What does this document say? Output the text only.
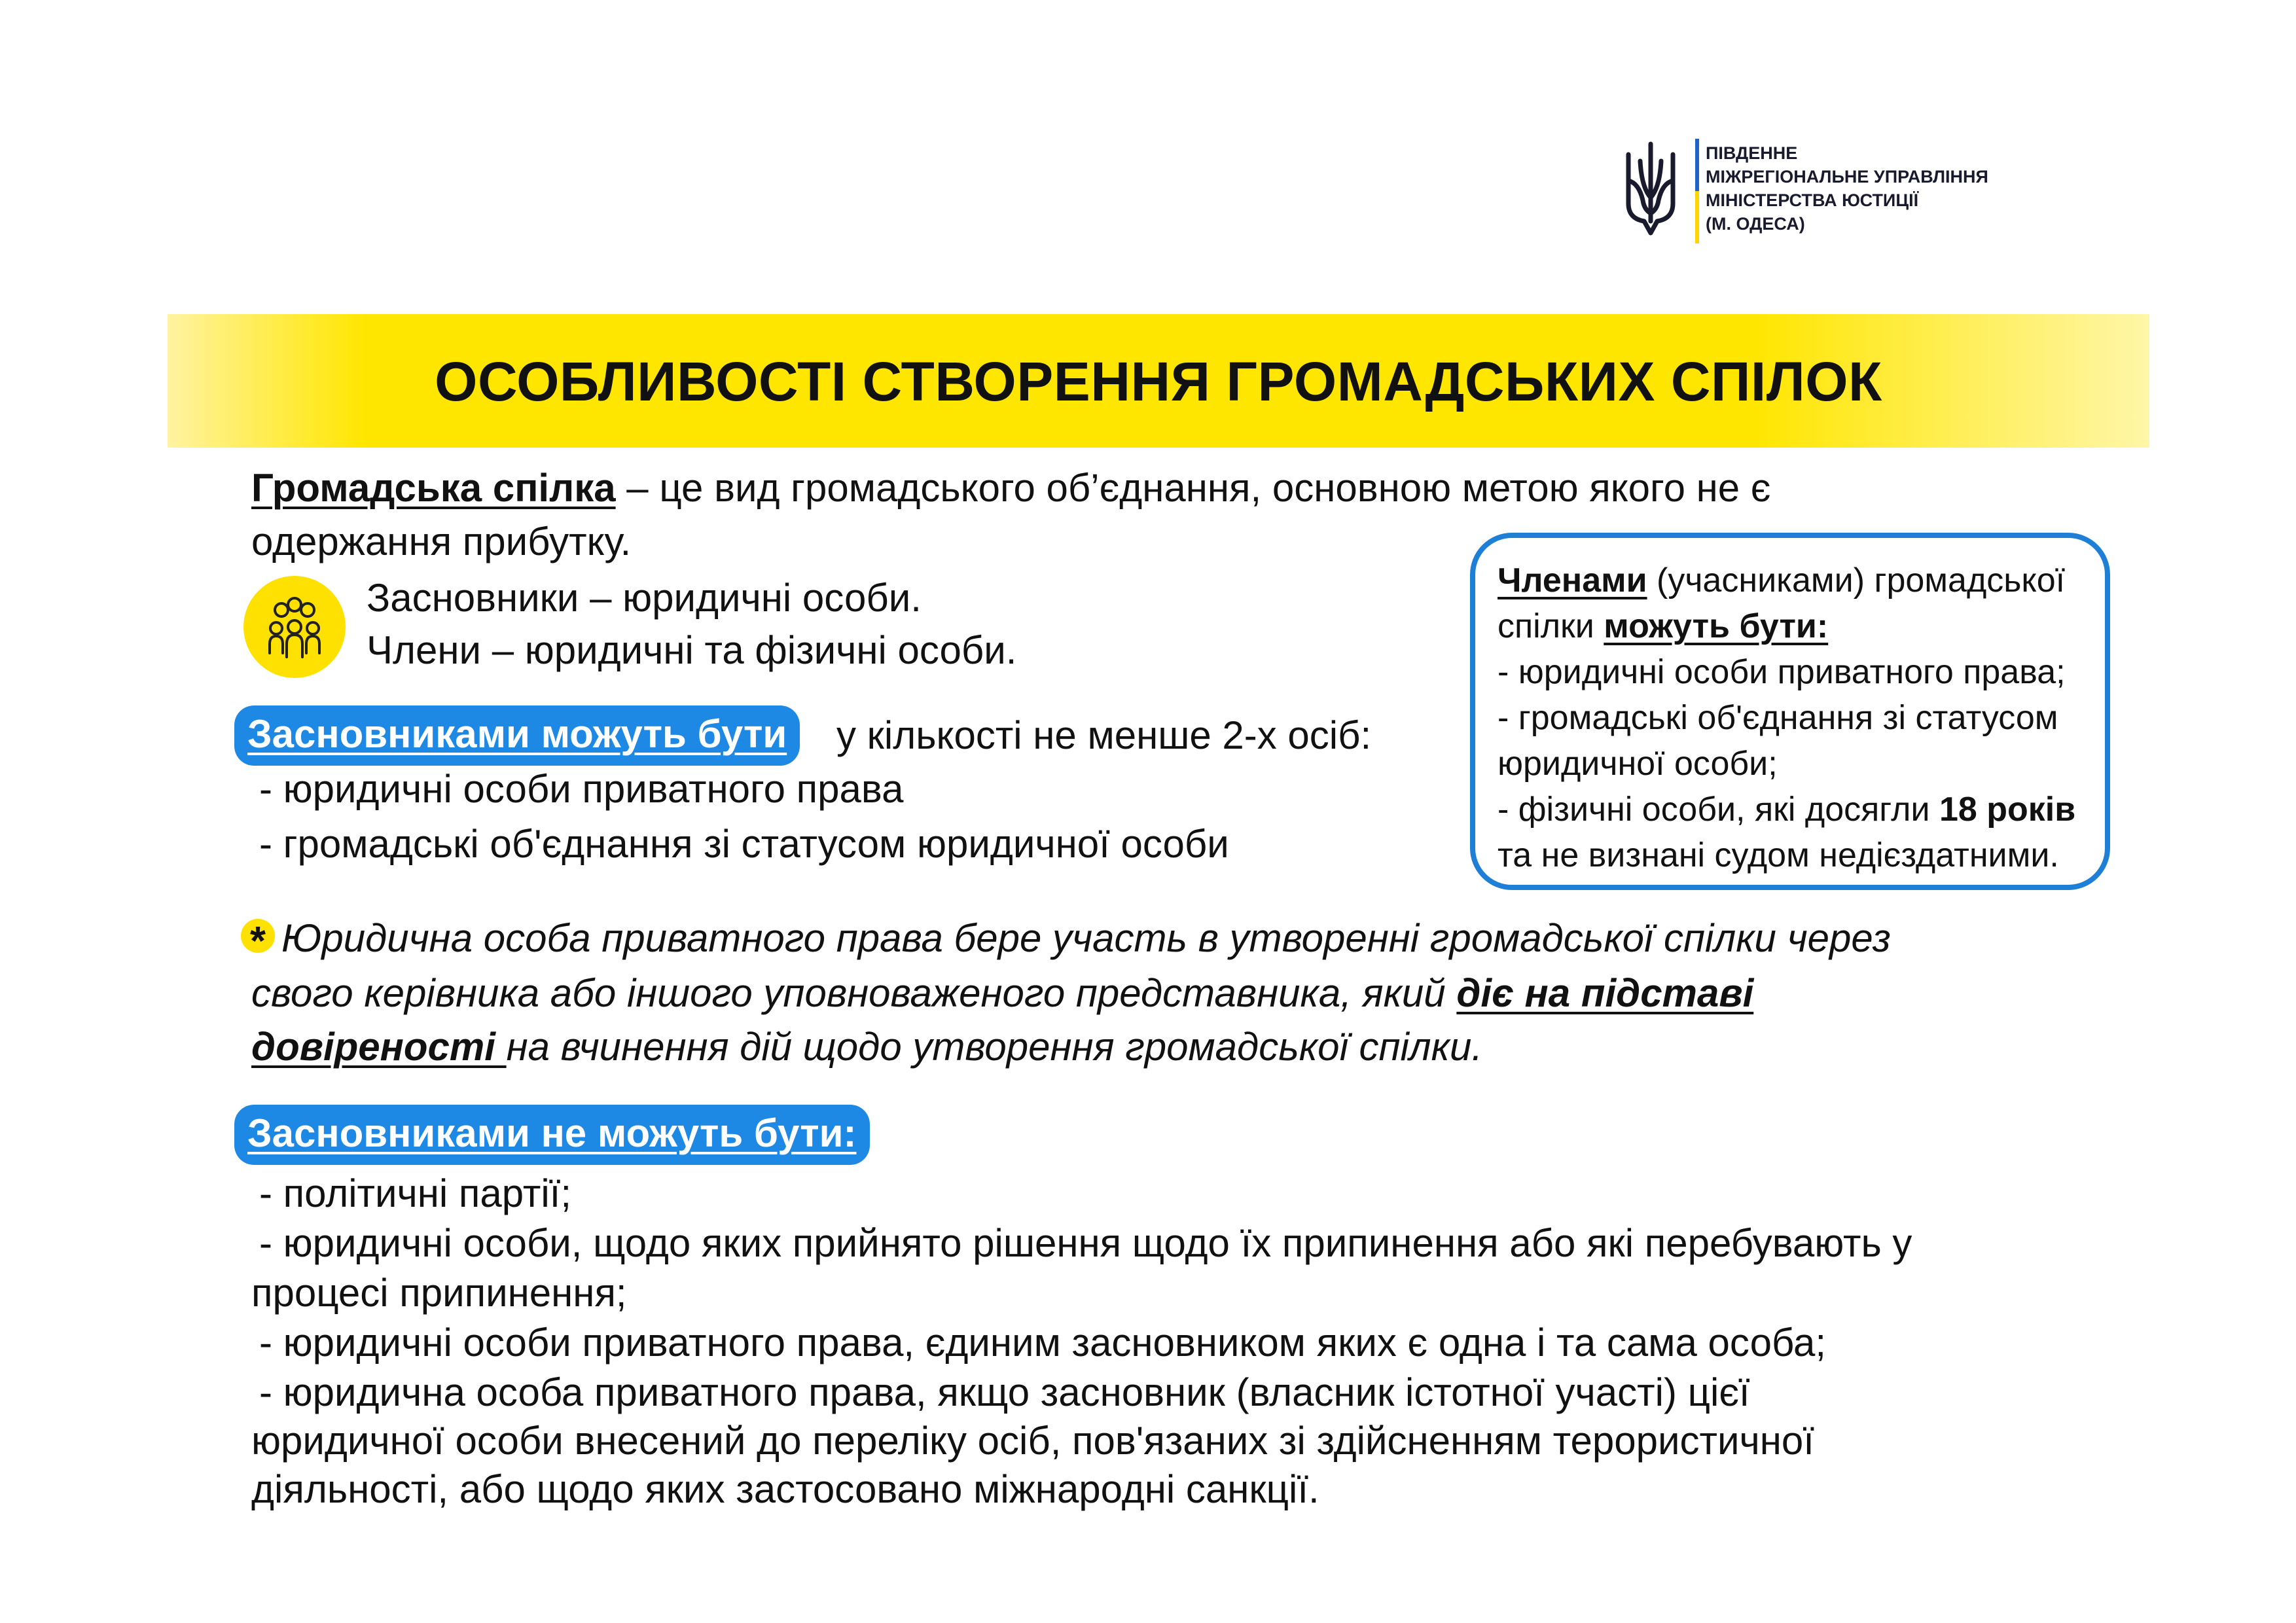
ПІВДЕННЕ
МІЖРЕГІОНАЛЬНЕ УПРАВЛІННЯ
МІНІСТЕРСТВА ЮСТИЦІЇ
(М. ОДЕСА)
ОСОБЛИВОСТІ СТВОРЕННЯ ГРОМАДСЬКИХ СПІЛОК
Громадська спілка – це вид громадського об’єднання, основною метою якого не є
одержання прибутку.
Засновники – юридичні особи.
Члени – юридичні та фізичні особи.
Засновниками можуть бути	у кількості не менше 2-х осіб:
- юридичні особи приватного права
- громадські об'єднання зі статусом юридичної особи
Членами (учасниками) громадської
спілки можуть бути:
- юридичні особи приватного права;
- громадські об'єднання зі статусом
юридичної особи;
- фізичні особи, які досягли 18 років
та не визнані судом недієздатними.
* Юридична особа приватного права бере участь в утворенні громадської спілки через
свого керівника або іншого уповноваженого представника, який діє на підставі
довіреності на вчинення дій щодо утворення громадської спілки.
Засновниками не можуть бути:
- політичні партії;
- юридичні особи, щодо яких прийнято рішення щодо їх припинення або які перебувають у
процесі припинення;
- юридичні особи приватного права, єдиним засновником яких є одна і та сама особа;
- юридична особа приватного права, якщо засновник (власник істотної участі) цієї
юридичної особи внесений до переліку осіб, пов'язаних зі здійсненням терористичної
діяльності, або щодо яких застосовано міжнародні санкції.
